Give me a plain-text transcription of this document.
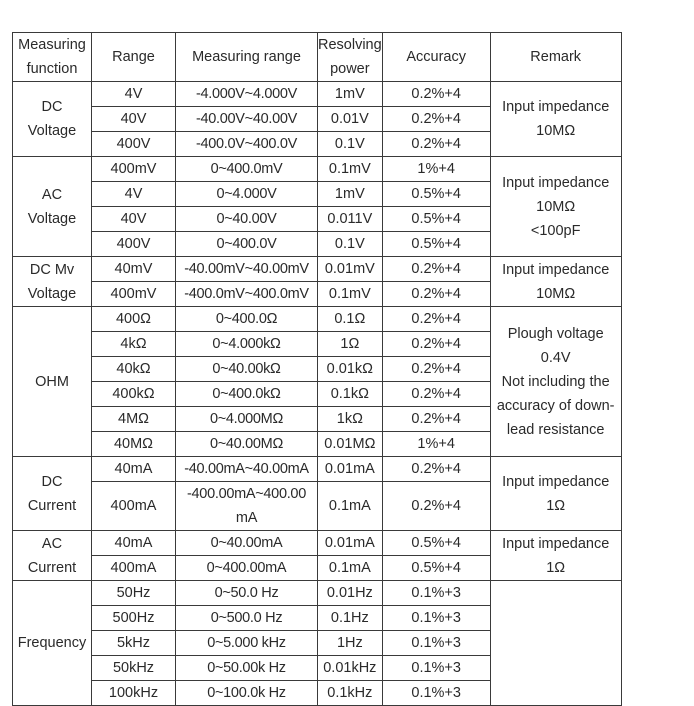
Measuring function	Range	Measuring range	Resolving power	Accuracy	Remark

DC
Voltage	4V	-4.000V~4.000V	1mV	0.2%+4	Input impedance
10MΩ

	40V	-40.00V~40.00V	0.01V	0.2%+4	
	400V	-400.0V~400.0V	0.1V	0.2%+4	

AC
Voltage	400mV	0~400.0mV	0.1mV	1%+4	Input impedance
10MΩ
<100pF

	4V	0~4.000V	1mV	0.5%+4	
	40V	0~40.00V	0.011V	0.5%+4	
	400V	0~400.0V	0.1V	0.5%+4	

DC Mv
Voltage	40mV	-40.00mV~40.00mV	0.01mV	0.2%+4	Input impedance
10MΩ

	400mV	-400.0mV~400.0mV	0.1mV	0.2%+4	

OHM	400Ω	0~400.0Ω	0.1Ω	0.2%+4	Plough voltage
0.4V
Not including the
accuracy of down-
lead resistance

	4kΩ	0~4.000kΩ	1Ω	0.2%+4	
	40kΩ	0~40.00kΩ	0.01kΩ	0.2%+4	
	400kΩ	0~400.0kΩ	0.1kΩ	0.2%+4	
	4MΩ	0~4.000MΩ	1kΩ	0.2%+4	
	40MΩ	0~40.00MΩ	0.01MΩ	1%+4	

DC
Current	40mA	-40.00mA~40.00mA	0.01mA	0.2%+4	Input impedance
1Ω

	400mA	-400.00mA~400.00 mA	0.1mA	0.2%+4	

AC
Current	40mA	0~40.00mA	0.01mA	0.5%+4	Input impedance
1Ω

	400mA	0~400.00mA	0.1mA	0.5%+4	

Frequency	50Hz	0~50.0 Hz	0.01Hz	0.1%+3	
	500Hz	0~500.0 Hz	0.1Hz	0.1%+3	
	5kHz	0~5.000 kHz	1Hz	0.1%+3	
	50kHz	0~50.00k Hz	0.01kHz	0.1%+3	
	100kHz	0~100.0k Hz	0.1kHz	0.1%+3	
